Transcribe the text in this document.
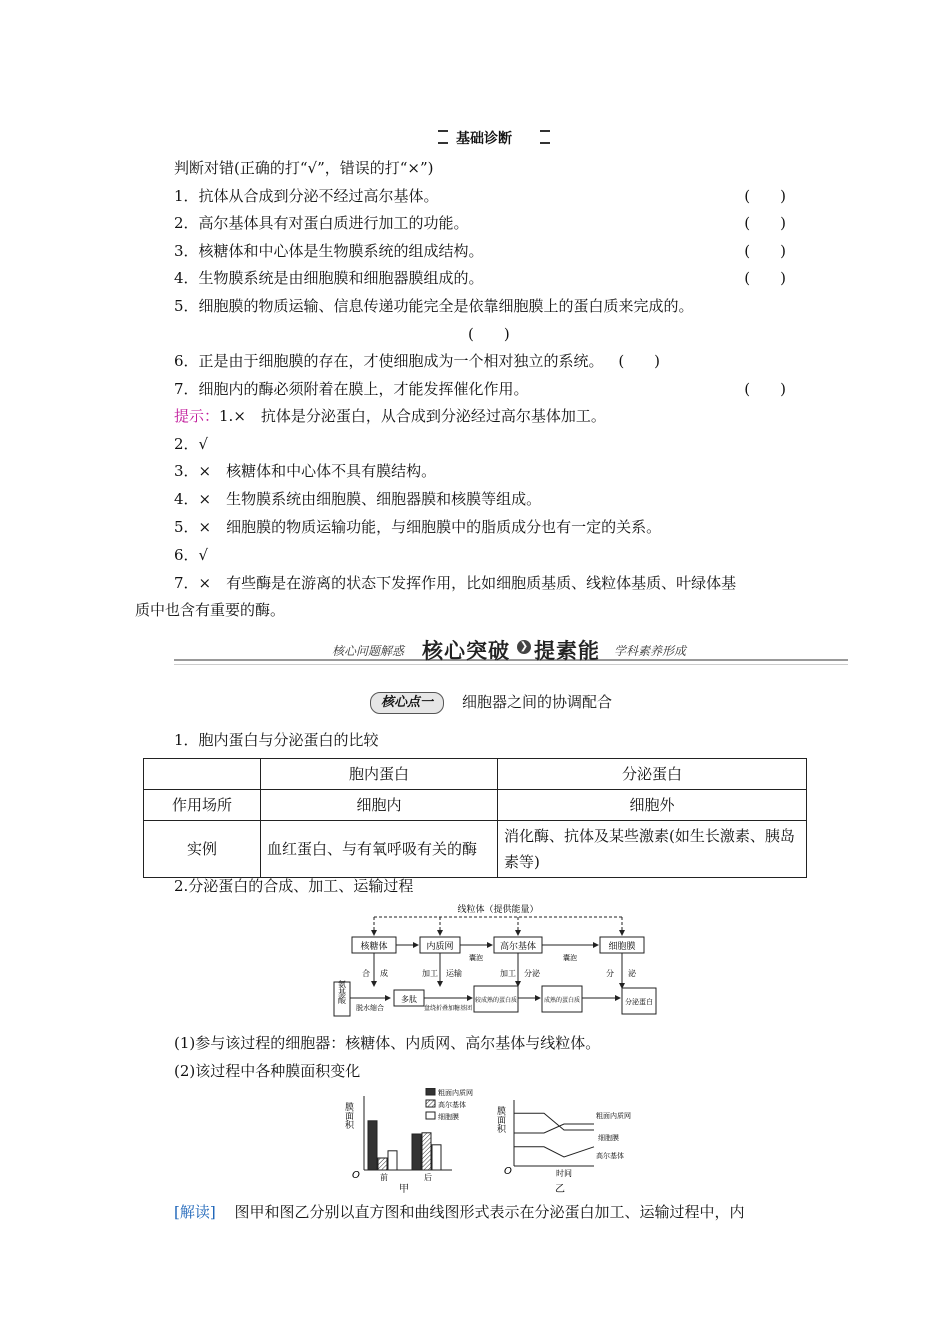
基础诊断
判断对错(正确的打“√”，错误的打“×”)
1．抗体从合成到分泌不经过高尔基体。	(　　)
2．高尔基体具有对蛋白质进行加工的功能。	(　　)
3．核糖体和中心体是生物膜系统的组成结构。	(　　)
4．生物膜系统是由细胞膜和细胞器膜组成的。	(　　)
5．细胞膜的物质运输、信息传递功能完全是依靠细胞膜上的蛋白质来完成的。
(　　)
6．正是由于细胞膜的存在，才使细胞成为一个相对独立的系统。 (　　)
7．细胞内的酶必须附着在膜上，才能发挥催化作用。	(　　)
提示：1.×　抗体是分泌蛋白，从合成到分泌经过高尔基体加工。
2．√
3．×　核糖体和中心体不具有膜结构。
4．×　生物膜系统由细胞膜、细胞器膜和核膜等组成。
5．×　细胞膜的物质运输功能，与细胞膜中的脂质成分也有一定的关系。
6．√
7．×　有些酶是在游离的状态下发挥作用，比如细胞质基质、线粒体基质、叶绿体基
质中也含有重要的酶。
核心问题解惑 核心突破 ❯ 提素能 学科素养形成
核心点一	细胞器之间的协调配合
1．胞内蛋白与分泌蛋白的比较
	胞内蛋白	分泌蛋白
作用场所	细胞内	细胞外
实例	血红蛋白、与有氧呼吸有关的酶	消化酶、抗体及某些激素(如生长激素、胰岛素等)
2.分泌蛋白的合成、加工、运输过程
线粒体（提供能量）
核糖体	内质网	高尔基体	细胞膜
囊泡	囊泡
合 成	加工 运输	加工 分泌	分 泌
氨基酸
脱水缩合
多肽
盘绕折叠加糖基团
较成熟的蛋白质	成熟的蛋白质	分泌蛋白
(1)参与该过程的细胞器：核糖体、内质网、高尔基体与线粒体。
(2)该过程中各种膜面积变化
膜面积
O	前	后
粗面内质网
高尔基体
细胞膜
甲
膜面积
O
粗面内质网
细胞膜
高尔基体
时间
乙
[解读] 图甲和图乙分别以直方图和曲线图形式表示在分泌蛋白加工、运输过程中，内
